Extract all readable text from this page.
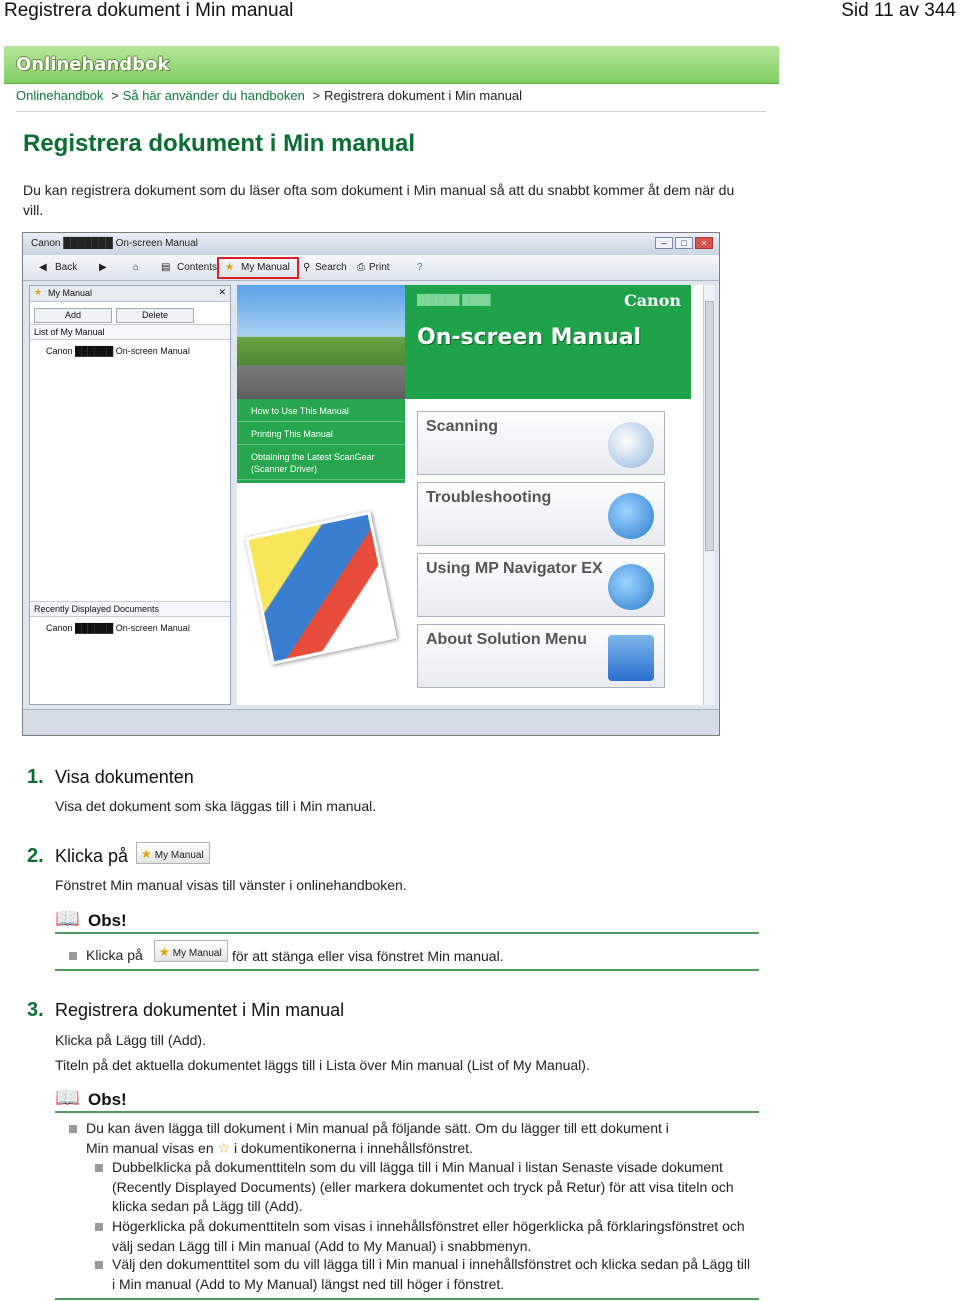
Registrera dokument i Min manual	Sid 11 av 344
Onlinehandbok
Onlinehandbok > Så här använder du handboken > Registrera dokument i Min manual
Registrera dokument i Min manual
Du kan registrera dokument som du läser ofta som dokument i Min manual så att du snabbt kommer åt dem när du vill.
Canon ███████ On-screen Manual	– □ ×
◀ Back ▶	⌂ ▤ Contents ★ My Manual ⚲ Search ⎙ Print	?
★ My Manual	✕
Add	Delete
List of My Manual
Canon ██████ On-screen Manual
Recently Displayed Documents
Canon ██████ On-screen Manual
██████ ████	Canon
On-screen Manual
How to Use This Manual
Printing This Manual
Obtaining the Latest ScanGear (Scanner Driver)
Scanning
Troubleshooting
Using MP Navigator EX
About Solution Menu
1. Visa dokumenten
Visa det dokument som ska läggas till i Min manual.
2. Klicka på	★ My Manual
Fönstret Min manual visas till vänster i onlinehandboken.
📖 Obs!
Klicka på	★ My Manual för att stänga eller visa fönstret Min manual.
3. Registrera dokumentet i Min manual
Klicka på Lägg till (Add).
Titeln på det aktuella dokumentet läggs till i Lista över Min manual (List of My Manual).
📖 Obs!
Du kan även lägga till dokument i Min manual på följande sätt. Om du lägger till ett dokument i
Min manual visas en ☆ i dokumentikonerna i innehållsfönstret.
Dubbelklicka på dokumenttiteln som du vill lägga till i Min Manual i listan Senaste visade dokument (Recently Displayed Documents) (eller markera dokumentet och tryck på Retur) för att visa titeln och klicka sedan på Lägg till (Add).
Högerklicka på dokumenttiteln som visas i innehållsfönstret eller högerklicka på förklaringsfönstret och välj sedan Lägg till i Min manual (Add to My Manual) i snabbmenyn.
Välj den dokumenttitel som du vill lägga till i Min manual i innehållsfönstret och klicka sedan på Lägg till i Min manual (Add to My Manual) längst ned till höger i fönstret.
